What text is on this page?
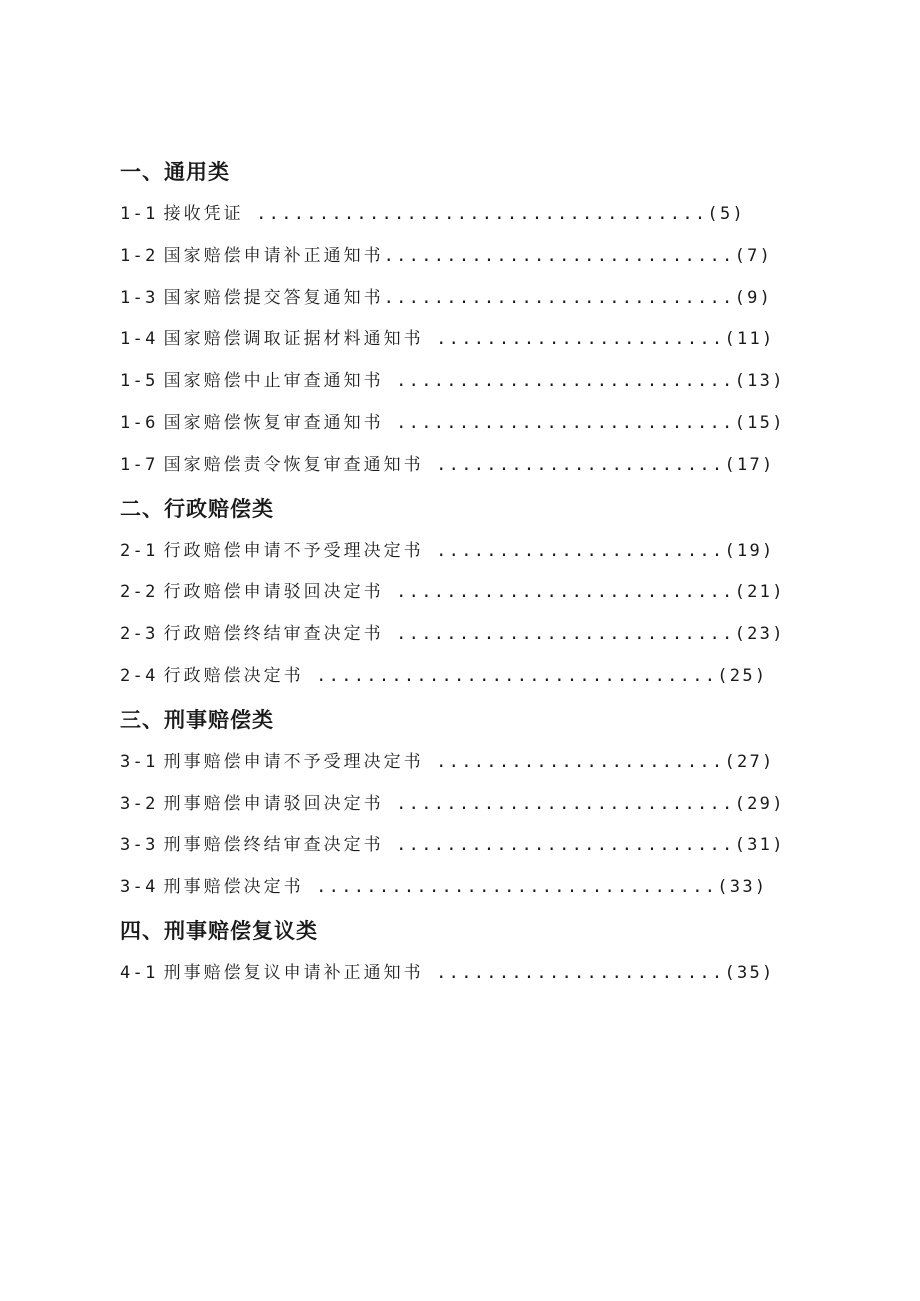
一、通用类
1-1 接收凭证 ....................................(5)
1-2 国家赔偿申请补正通知书............................(7)
1-3 国家赔偿提交答复通知书............................(9)
1-4 国家赔偿调取证据材料通知书 .......................(11)
1-5 国家赔偿中止审查通知书 ...........................(13)
1-6 国家赔偿恢复审查通知书 ...........................(15)
1-7 国家赔偿责令恢复审查通知书 .......................(17)
二、行政赔偿类
2-1 行政赔偿申请不予受理决定书 .......................(19)
2-2 行政赔偿申请驳回决定书 ...........................(21)
2-3 行政赔偿终结审查决定书 ...........................(23)
2-4 行政赔偿决定书 ................................(25)
三、刑事赔偿类
3-1 刑事赔偿申请不予受理决定书 .......................(27)
3-2 刑事赔偿申请驳回决定书 ...........................(29)
3-3 刑事赔偿终结审查决定书 ...........................(31)
3-4 刑事赔偿决定书 ................................(33)
四、刑事赔偿复议类
4-1 刑事赔偿复议申请补正通知书 .......................(35)
